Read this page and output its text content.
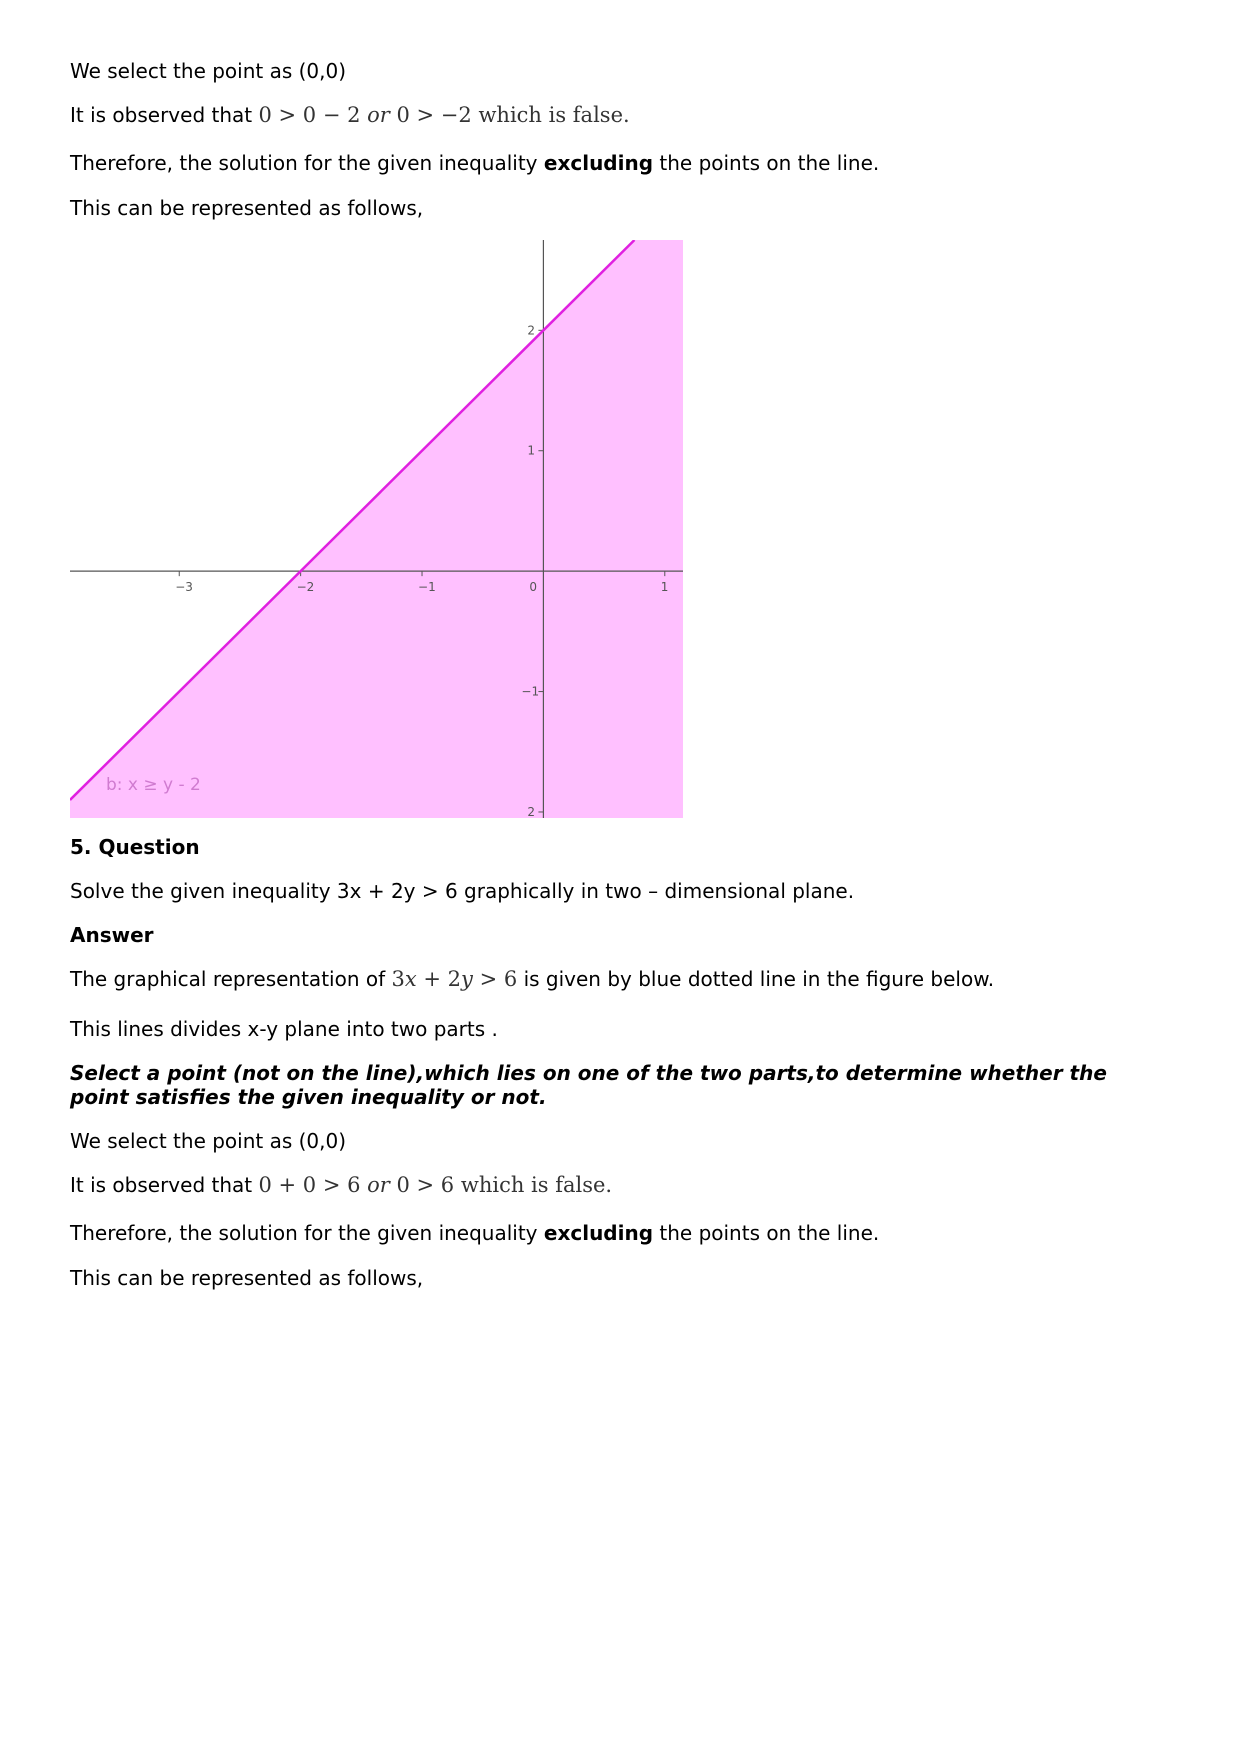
We select the point as (0,0)
It is observed that 0 > 0 − 2 or 0 > −2 which is false.
Therefore, the solution for the given inequality excluding the points on the line.
This can be represented as follows,
−3	−2	−1	0	1
2
1
−1
2
b: x ≥ y - 2
5. Question
Solve the given inequality 3x + 2y > 6 graphically in two – dimensional plane.
Answer
The graphical representation of 3x + 2y > 6 is given by blue dotted line in the figure below.
This lines divides x-y plane into two parts .
Select a point (not on the line),which lies on one of the two parts,to determine whether the point satisfies the given inequality or not.
We select the point as (0,0)
It is observed that 0 + 0 > 6 or 0 > 6 which is false.
Therefore, the solution for the given inequality excluding the points on the line.
This can be represented as follows,
